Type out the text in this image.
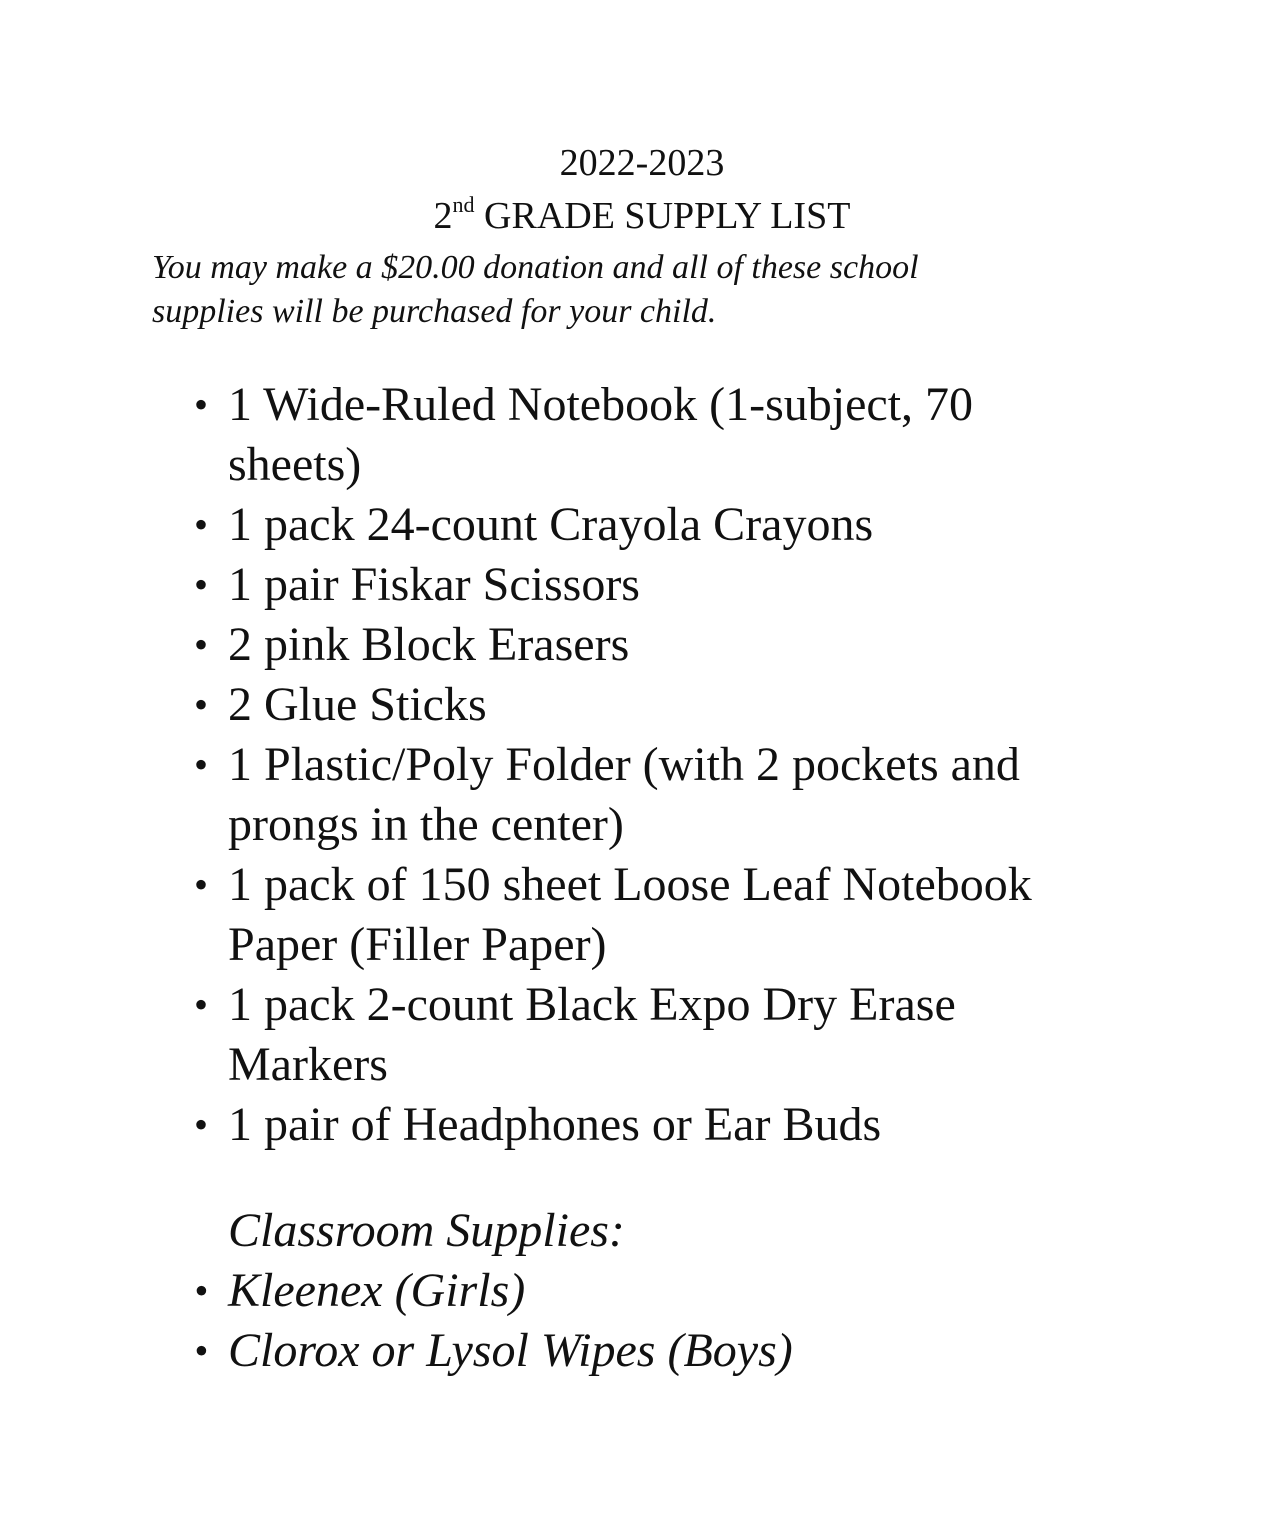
2022-2023
2nd GRADE SUPPLY LIST
You may make a $20.00 donation and all of these school
supplies will be purchased for your child.
• 1 Wide-Ruled Notebook (1-subject, 70
sheets)
• 1 pack 24-count Crayola Crayons
• 1 pair Fiskar Scissors
• 2 pink Block Erasers
• 2 Glue Sticks
• 1 Plastic/Poly Folder (with 2 pockets and
prongs in the center)
• 1 pack of 150 sheet Loose Leaf Notebook
Paper (Filler Paper)
• 1 pack 2-count Black Expo Dry Erase
Markers
• 1 pair of Headphones or Ear Buds
Classroom Supplies:
• Kleenex (Girls)
• Clorox or Lysol Wipes (Boys)
